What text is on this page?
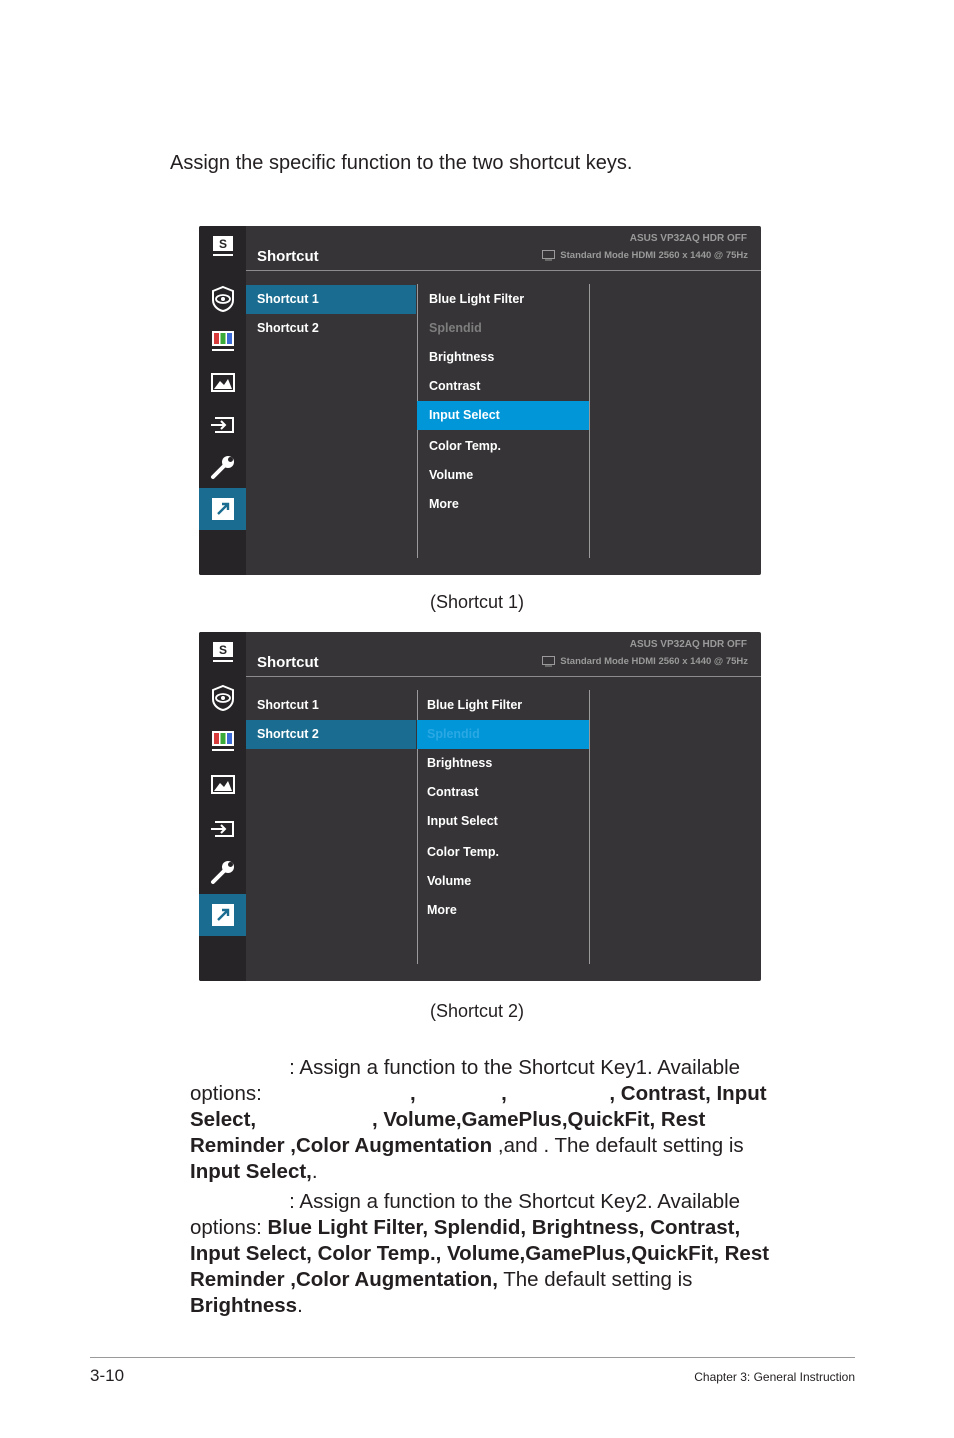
Assign the specific function to the two shortcut keys.

S
Shortcut
ASUS VP32AQ HDR OFF
Standard Mode HDMI 2560 x 1440 @ 75Hz
Shortcut 1
Shortcut 2
Blue Light Filter
Splendid
Brightness
Contrast
Input Select
Color Temp.
Volume
More
(Shortcut 1)
S
Shortcut
ASUS VP32AQ HDR OFF
Standard Mode HDMI 2560 x 1440 @ 75Hz
Shortcut 1
Shortcut 2
Blue Light Filter
Splendid
Brightness
Contrast
Input Select
Color Temp.
Volume
More
(Shortcut 2)

: Assign a function to the Shortcut Key1. Available options:	,	,	, Contrast, Input Select,	, Volume,GamePlus,QuickFit, Rest Reminder ,Color Augmentation ,and . The default setting is Input Select,.

: Assign a function to the Shortcut Key2. Available options: Blue Light Filter, Splendid, Brightness, Contrast, Input Select, Color Temp., Volume,GamePlus,QuickFit, Rest Reminder ,Color Augmentation, The default setting is Brightness.

3-10	Chapter 3: General Instruction
